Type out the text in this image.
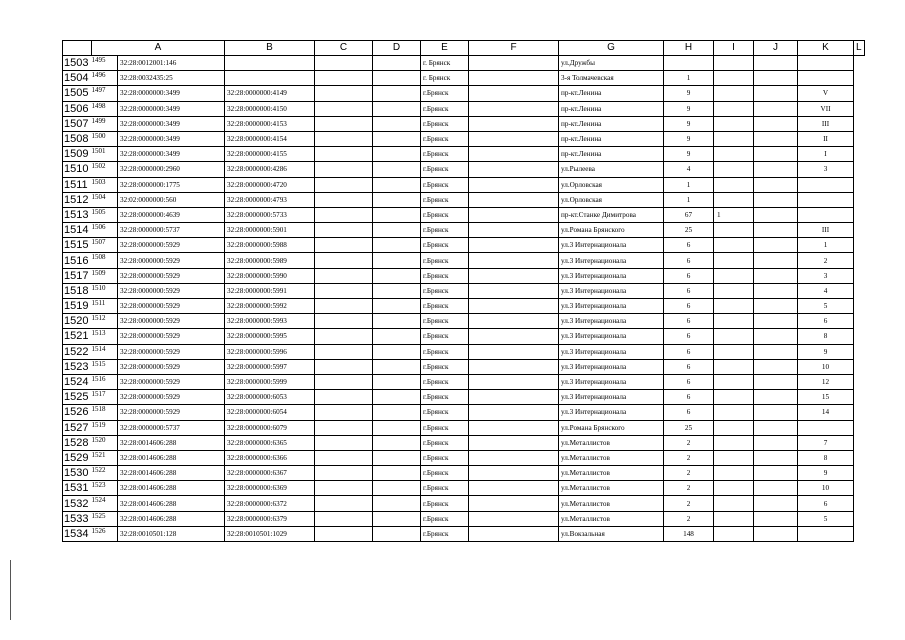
	A		B	C	D	E	F	G	H	I	J	K	L
1503	1495	32:28:0012001:146				г. Брянск		ул.Дружбы					
1504	1496	32:28:0032435:25				г. Брянск		3-я Толмачевская	1				
1505	1497	32:28:0000000:3499	32:28:0000000:4149			г.Брянск		пр-кт.Ленина	9			V	
1506	1498	32:28:0000000:3499	32:28:0000000:4150			г.Брянск		пр-кт.Ленина	9			VII	
1507	1499	32:28:0000000:3499	32:28:0000000:4153			г.Брянск		пр-кт.Ленина	9			III	
1508	1500	32:28:0000000:3499	32:28:0000000:4154			г.Брянск		пр-кт.Ленина	9			II	
1509	1501	32:28:0000000:3499	32:28:0000000:4155			г.Брянск		пр-кт.Ленина	9			I	
1510	1502	32:28:0000000:2960	32:28:0000000:4286			г.Брянск		ул.Рылеева	4			3	
1511	1503	32:28:0000000:1775	32:28:0000000:4720			г.Брянск		ул.Орловская	1				
1512	1504	32:02:0000000:560	32:28:0000000:4793			г.Брянск		ул.Орловская	1				
1513	1505	32:28:0000000:4639	32:28:0000000:5733			г.Брянск		пр-кт.Станке Димитрова	67	1			
1514	1506	32:28:0000000:5737	32:28:0000000:5901			г.Брянск		ул.Романа Брянского	25			III	
1515	1507	32:28:0000000:5929	32:28:0000000:5988			г.Брянск		ул.3 Интернационала	6			1	
1516	1508	32:28:0000000:5929	32:28:0000000:5989			г.Брянск		ул.3 Интернационала	6			2	
1517	1509	32:28:0000000:5929	32:28:0000000:5990			г.Брянск		ул.3 Интернационала	6			3	
1518	1510	32:28:0000000:5929	32:28:0000000:5991			г.Брянск		ул.3 Интернационала	6			4	
1519	1511	32:28:0000000:5929	32:28:0000000:5992			г.Брянск		ул.3 Интернационала	6			5	
1520	1512	32:28:0000000:5929	32:28:0000000:5993			г.Брянск		ул.3 Интернационала	6			6	
1521	1513	32:28:0000000:5929	32:28:0000000:5995			г.Брянск		ул.3 Интернационала	6			8	
1522	1514	32:28:0000000:5929	32:28:0000000:5996			г.Брянск		ул.3 Интернационала	6			9	
1523	1515	32:28:0000000:5929	32:28:0000000:5997			г.Брянск		ул.3 Интернационала	6			10	
1524	1516	32:28:0000000:5929	32:28:0000000:5999			г.Брянск		ул.3 Интернационала	6			12	
1525	1517	32:28:0000000:5929	32:28:0000000:6053			г.Брянск		ул.3 Интернационала	6			15	
1526	1518	32:28:0000000:5929	32:28:0000000:6054			г.Брянск		ул.3 Интернационала	6			14	
1527	1519	32:28:0000000:5737	32:28:0000000:6079			г.Брянск		ул.Романа Брянского	25				
1528	1520	32:28:0014606:288	32:28:0000000:6365			г.Брянск		ул.Металлистов	2			7	
1529	1521	32:28:0014606:288	32:28:0000000:6366			г.Брянск		ул.Металлистов	2			8	
1530	1522	32:28:0014606:288	32:28:0000000:6367			г.Брянск		ул.Металлистов	2			9	
1531	1523	32:28:0014606:288	32:28:0000000:6369			г.Брянск		ул.Металлистов	2			10	
1532	1524	32:28:0014606:288	32:28:0000000:6372			г.Брянск		ул.Металлистов	2			6	
1533	1525	32:28:0014606:288	32:28:0000000:6379			г.Брянск		ул.Металлистов	2			5	
1534	1526	32:28:0010501:128	32:28:0010501:1029			г.Брянск		ул.Вокзальная	148				
